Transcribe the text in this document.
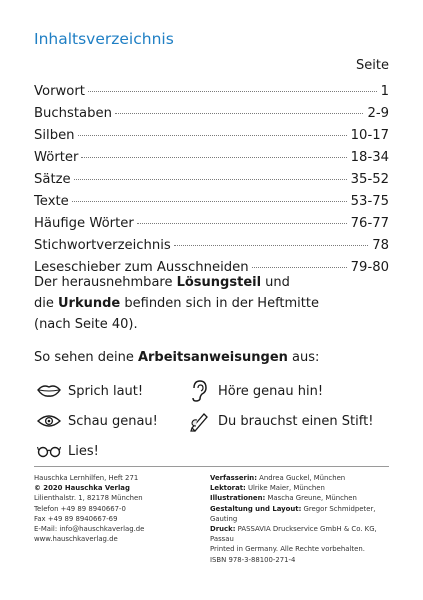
Inhaltsverzeichnis
Seite
Vorwort	1
Buchstaben	2-9
Silben	10-17
Wörter	18-34
Sätze	35-52
Texte	53-75
Häufige Wörter	76-77
Stichwortverzeichnis	78
Leseschieber zum Ausschneiden	79-80
Der herausnehmbare Lösungsteil und
die Urkunde befinden sich in der Heftmitte
(nach Seite 40).
So sehen deine Arbeitsanweisungen aus:
Sprich laut!	Höre genau hin!
Schau genau!	Du brauchst einen Stift!
Lies!
Hauschka Lernhilfen, Heft 271
© 2020 Hauschka Verlag
Lilienthalstr. 1, 82178 München
Telefon +49 89 8940667-0
Fax +49 89 8940667-69
E-Mail: info@hauschkaverlag.de
www.hauschkaverlag.de
Verfasserin: Andrea Guckel, München
Lektorat: Ulrike Maier, München
Illustrationen: Mascha Greune, München
Gestaltung und Layout: Gregor Schmidpeter, Gauting
Druck: PASSAVIA Druckservice GmbH & Co. KG, Passau
Printed in Germany. Alle Rechte vorbehalten.
ISBN 978-3-88100-271-4
